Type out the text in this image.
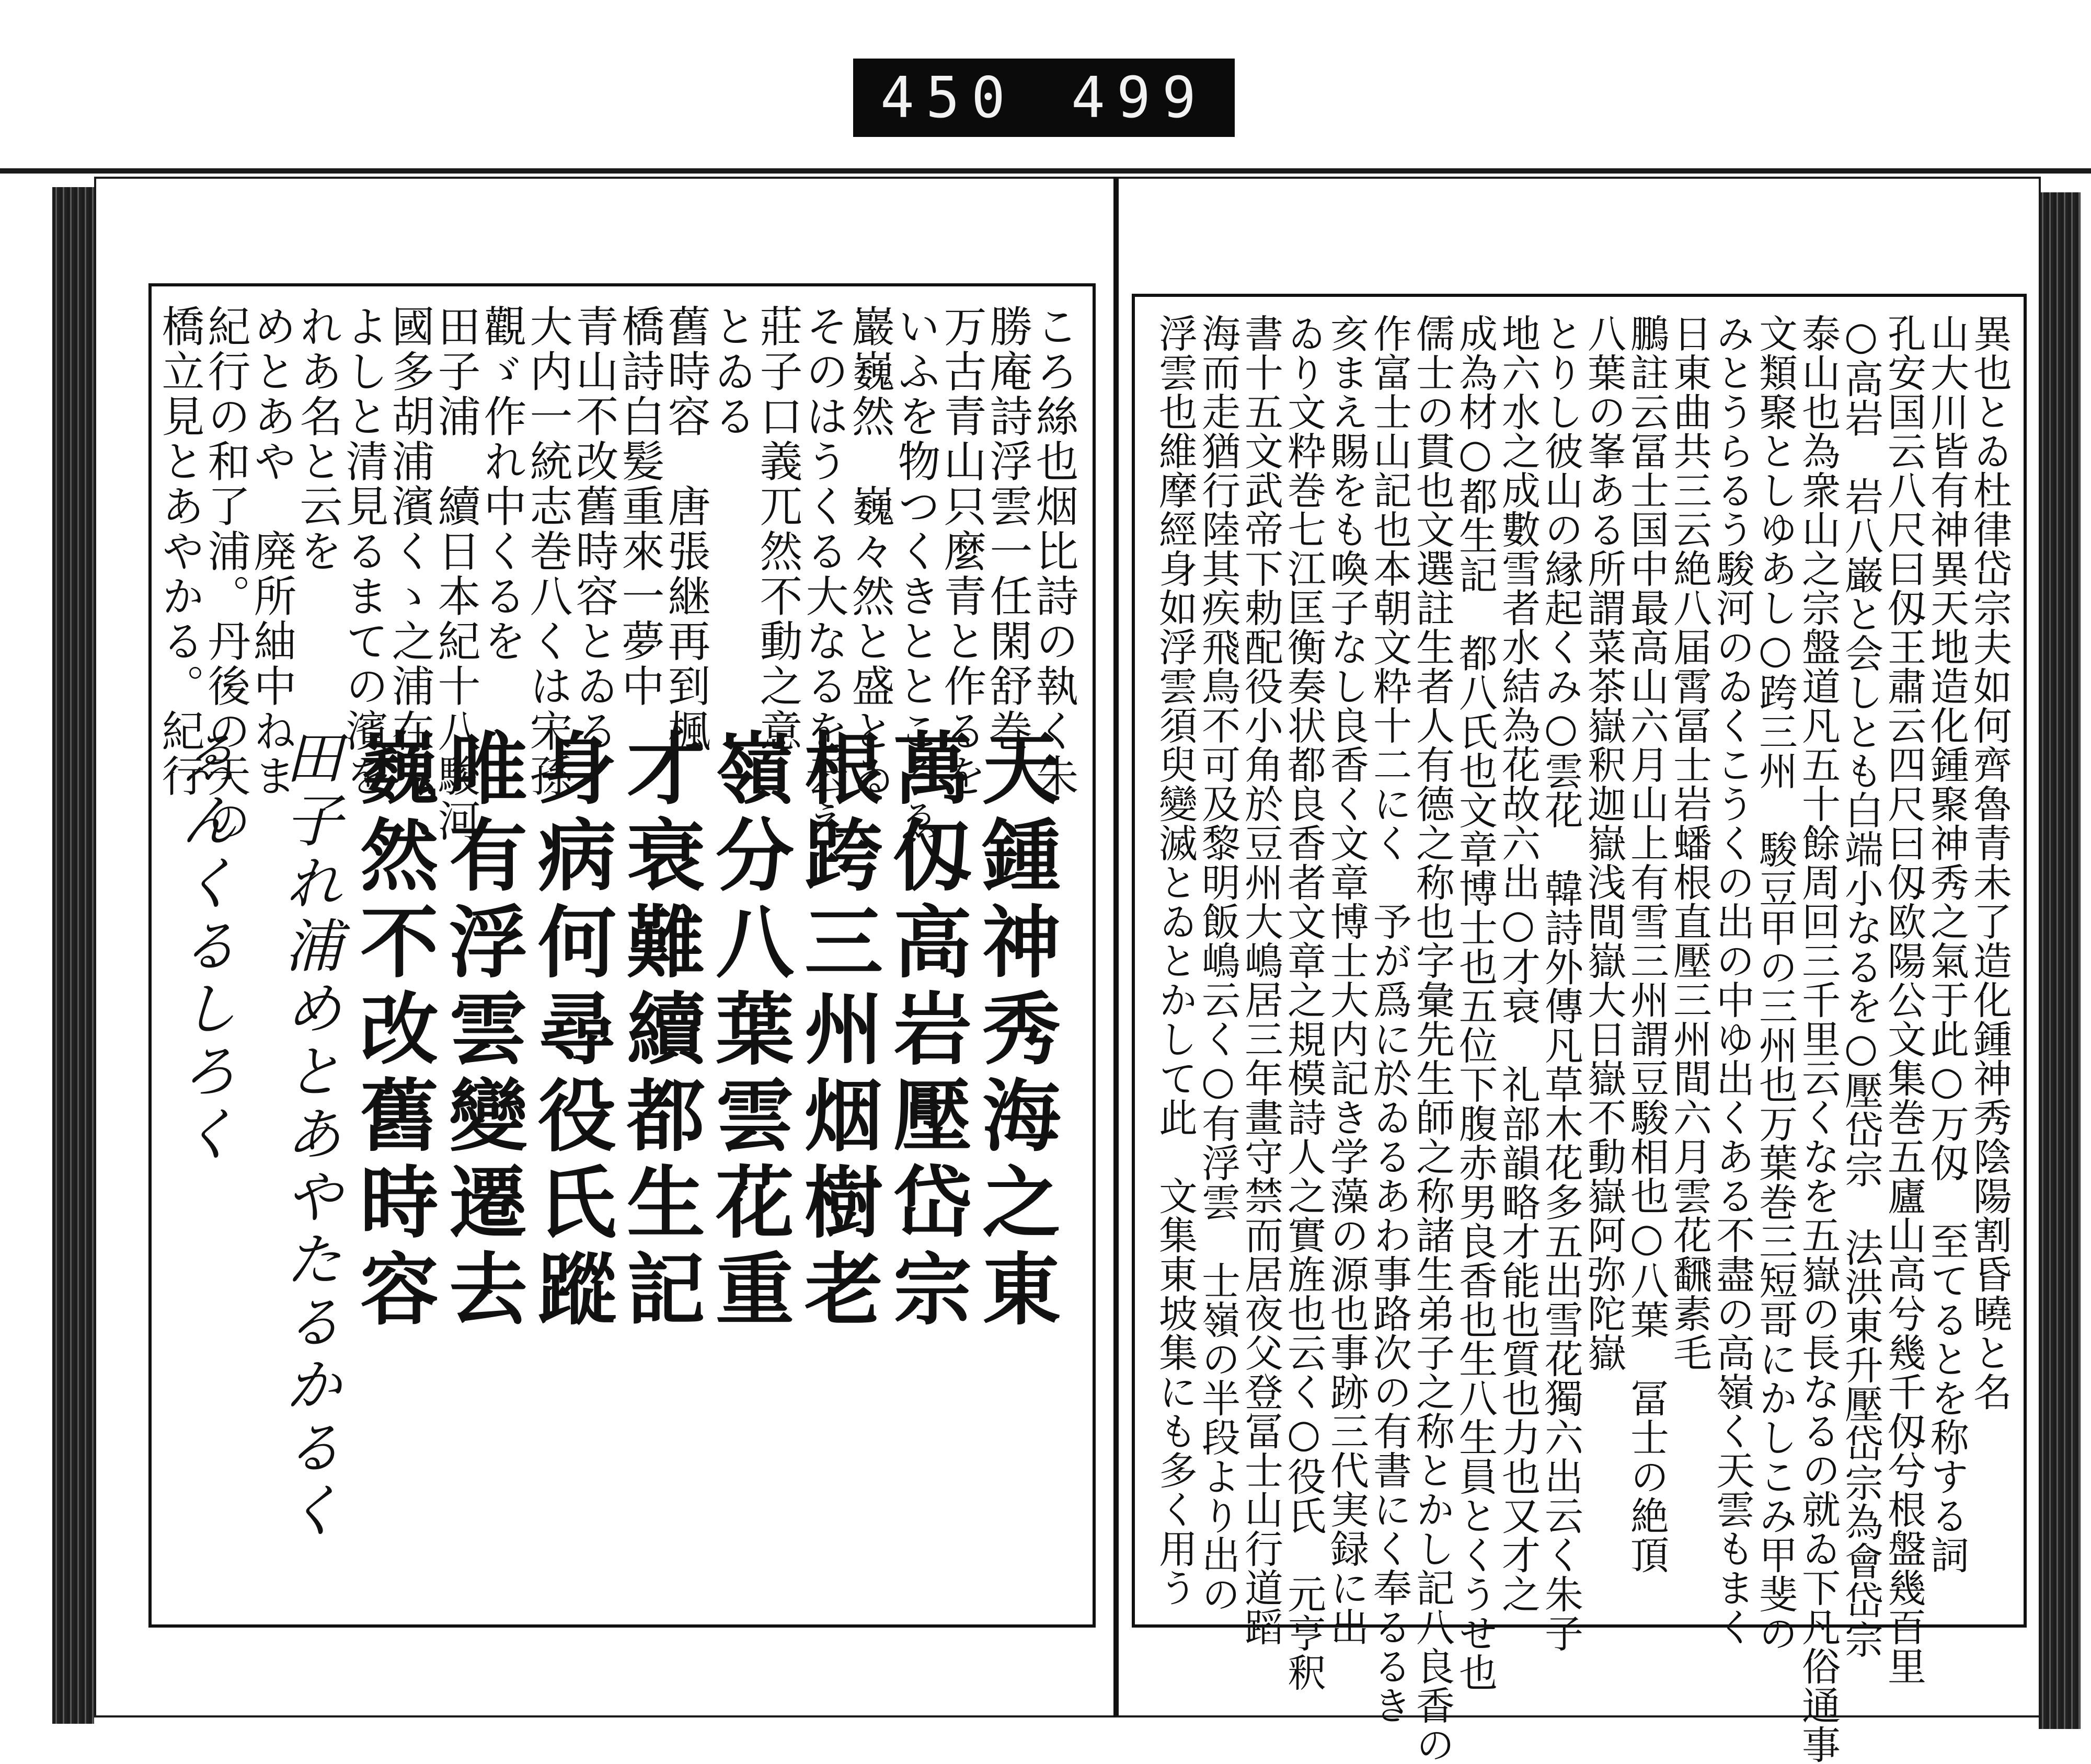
450 499
ころ絲也烟比詩の執く朱
勝庵詩浮雲一任閑舒巻
万古青山只麼青と作るを
いふを物つくきとところゑ
巖巍然　巍々然と盛とゐ
そのはうくる大なるを云え
莊子口義兀然不動之意
とゐる
舊時容　唐張継再到楓
橋詩白髪重來一夢中
青山不改舊時容とゐる
大内一統志巻八くは宋孫
觀ゞ作れ中くるを
田子浦　續日本紀十八駿河
國多胡浦濱くゝ之浦在
よしと清見るまての濱を
れあ名と云を
めとあや　廃所紬中ねま
紀行の和了浦。丹後の天の
橋立見とあやかる。紀行
天鍾神秀海之東
萬仭高岩壓岱宗
根跨三州烟樹老
嶺分八葉雲花重
才衰難續都生記
身病何尋役氏蹤
唯有浮雲變遷去
巍然不改舊時容
田子れ浦めとあやたるかるく
ゑんくるしろく	異也とゐ杜律岱宗夫如何齊魯青未了造化鍾神秀陰陽割昏曉と名
山大川皆有神異天地造化鍾聚神秀之氣于此○万仭　至てるとを称する詞
孔安国云八尺曰仭王肅云四尺曰仭欧陽公文集巻五廬山高兮幾千仭兮根盤幾百里
○高岩　岩八巌と会しとも白端小なるを○壓岱宗　法洪東升壓岱宗為會岱宗
泰山也為衆山之宗盤道凡五十餘周回三千里云くなを五嶽の長なるの就ゐ下凡俗通事
文類聚としゆあし○跨三州　駿豆甲の三州也万葉巻三短哥にかしこみ甲斐の
みとうらるう駿河のゐくこうくの出の中ゆ出くある不盡の高嶺く天雲もまく
日東曲共三云絶八届霄冨士岩蟠根直壓三州間六月雲花飜素毛
鵬註云冨士国中最高山六月山上有雪三州謂豆駿相也○八葉　冨士の絶頂
八葉の峯ある所謂菜茶嶽釈迦嶽浅間嶽大日嶽不動嶽阿弥陀嶽
とりし彼山の縁起くみ○雲花　韓詩外傳凡草木花多五出雪花獨六出云く朱子
地六水之成數雪者水結為花故六出○才衰　礼部韻略才能也質也力也又才之
成為材○都生記　都八氏也文章博士也五位下腹赤男良香也生八生員とくうせ也
儒士の貫也文選註生者人有德之称也字彙先生師之称諸生弟子之称とかし記八良香の
作富士山記也本朝文粋十二にく　予が爲に於ゐるあわ事路次の有書にく奉るるき
亥まえ賜をも喚子なし良香く文章博士大内記き学藻の源也事跡三代実録に出
ゐり文粋巻七江匡衡奏状都良香者文章之規模詩人之實旌也云く○役氏　元亨釈
書十五文武帝下勅配役小角於豆州大嶋居三年畫守禁而居夜父登冨士山行道蹈
海而走猶行陸其疾飛鳥不可及黎明飯嶋云く○有浮雲　士嶺の半段より出の
浮雲也維摩經身如浮雲須臾變滅とゐとかして此　文集東坡集にも多く用う
